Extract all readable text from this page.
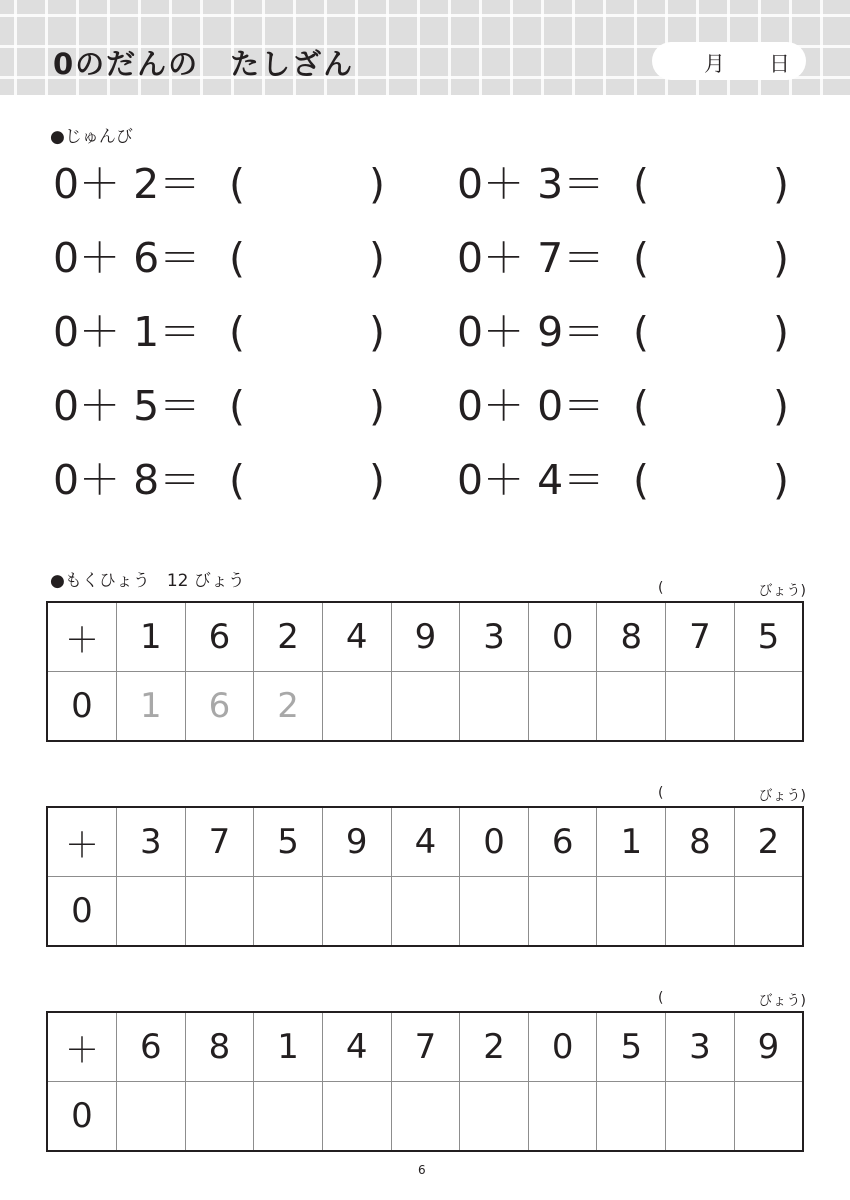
0のだんの　たしざん	月 日
●じゅんび
0＋ 2＝ (	)
0＋ 6＝ (	)
0＋ 1＝ (	)
0＋ 5＝ (	)
0＋ 8＝ (	)
0＋ 3＝ (	)
0＋ 7＝ (	)
0＋ 9＝ (	)
0＋ 0＝ (	)
0＋ 4＝ (	)
●もくひょう　12 びょう	(	びょう)
(	びょう)
(	びょう)
＋	1	6	2	4	9	3	0	8	7	5
0	1	6	2							
＋	3	7	5	9	4	0	6	1	8	2
0										
＋	6	8	1	4	7	2	0	5	3	9
0										
6
